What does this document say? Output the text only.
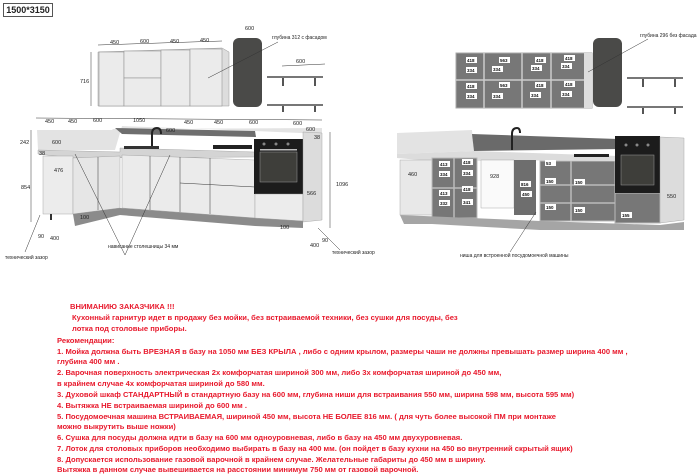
1500*3150
450	600	450	450
716
600
глубина 312 с фасадом
600
450	450	600	1050	450	450	600	600
600	600
242	600
38
38
476
854
100
100
566
1096
90 400	90
400
нависание столешницы 34 мм
технический зазор
технический зазор
418	563	418	418
334	334	334	334
418	563	418	418
334	334	334	334
глубина 296 без фасада
413	418
334	334
413
418
332	341
53
150	150
150
150
155
460	928
816
450	550
ниша для встроенной посудомоечной машины
ВНИМАНИЮ ЗАКАЗЧИКА !!!
Кухонный гарнитур идет в продажу без мойки, без встраиваемой техники, без сушки для посуды, без
лотка под столовые приборы.
Рекомендации:
1. Мойка должна быть ВРЕЗНАЯ в базу на 1050 мм БЕЗ КРЫЛА , либо с одним крылом, размеры чаши не должны превышать размер ширина 400 мм ,
глубина 400 мм .
2. Варочная поверхность электрическая 2х комфорчатая шириной 300 мм, либо 3х комфорчатая шириной до 450 мм,
в крайнем случае 4х комфорчатая шириной до 580 мм.
3. Духовой шкаф СТАНДАРТНЫЙ в стандартную базу на 600 мм, глубина ниши для встраивания 550 мм, ширина 598 мм, высота 595 мм)
4. Вытяжка НЕ встраиваемая шириной до 600 мм .
5. Посудомоечная машина ВСТРАИВАЕМАЯ, шириной 450 мм, высота НЕ БОЛЕЕ 816 мм. ( для чуть более высокой ПМ при монтаже
можно выкрутить выше ножки)
6. Сушка для посуды должна идти в базу на 600 мм одноуровневая, либо в базу на 450 мм двухуровневая.
7. Лоток для столовых приборов необходимо выбирать в базу на 400 мм. (он пойдет в базу кухни на 450 во внутренний скрытый ящик)
8. Допускается использование газовой варочной в крайнем случае. Желательные габариты до 450 мм в ширину.
Вытяжка в данном случае вывешивается на расстоянии минимум 750 мм от газовой варочной.
